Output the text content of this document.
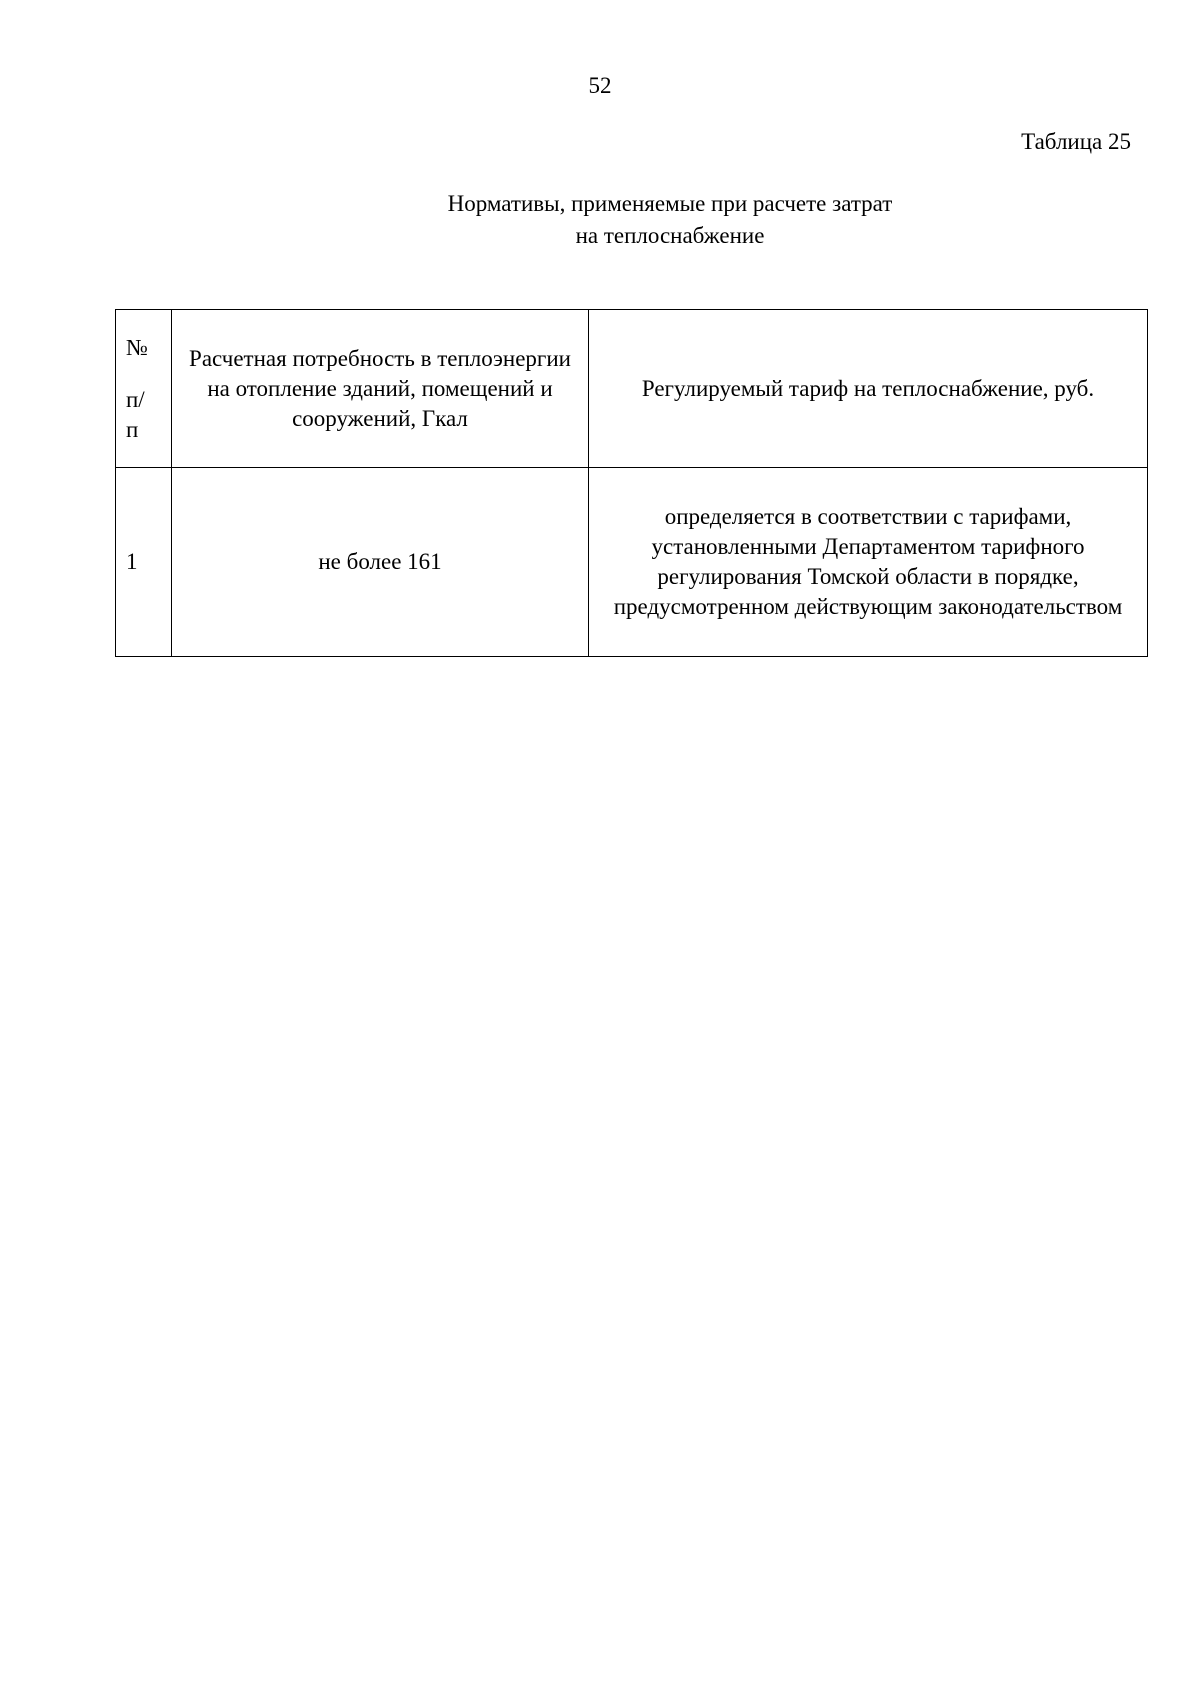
52
Таблица 25
Нормативы, применяемые при расчете затрат
на теплоснабжение
№
п/
п	Расчетная потребность в теплоэнергии на отопление зданий, помещений и сооружений, Гкал	Регулируемый тариф на теплоснабжение, руб.
1	не более 161	определяется в соответствии с тарифами, установленными Департаментом тарифного регулирования Томской области в порядке, предусмотренном действующим законодательством
